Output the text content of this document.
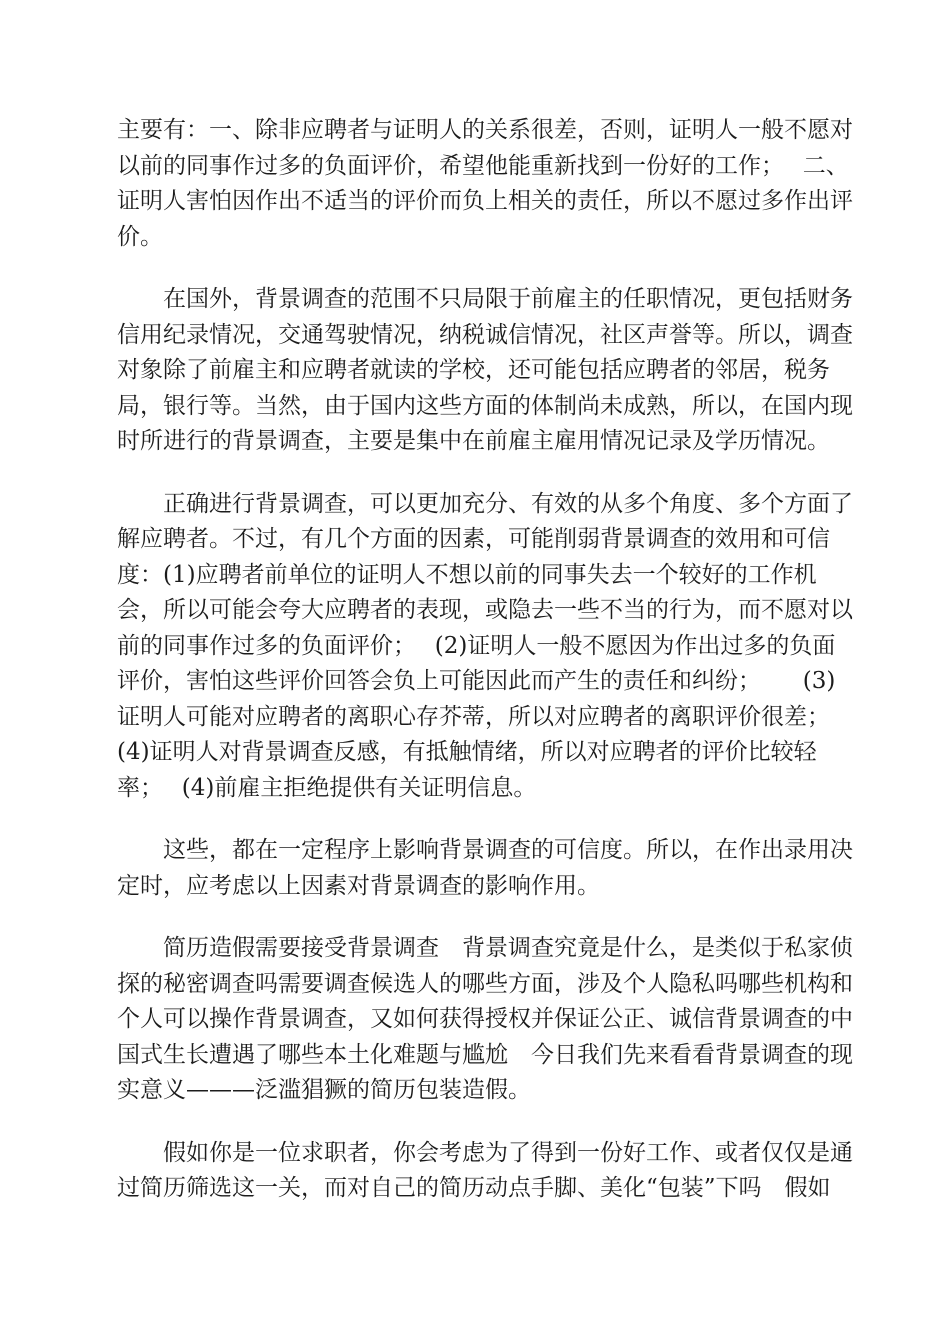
主要有：一、除非应聘者与证明人的关系很差，否则，证明人一般不愿对
以前的同事作过多的负面评价，希望他能重新找到一份好的工作；　 二、
证明人害怕因作出不适当的评价而负上相关的责任，所以不愿过多作出评
价。
　　在国外，背景调查的范围不只局限于前雇主的任职情况，更包括财务
信用纪录情况，交通驾驶情况，纳税诚信情况，社区声誉等。所以，调查
对象除了前雇主和应聘者就读的学校，还可能包括应聘者的邻居，税务
局，银行等。当然，由于国内这些方面的体制尚未成熟，所以，在国内现
时所进行的背景调查，主要是集中在前雇主雇用情况记录及学历情况。
　　正确进行背景调查，可以更加充分、有效的从多个角度、多个方面了
解应聘者。不过，有几个方面的因素，可能削弱背景调查的效用和可信
度：(1)应聘者前单位的证明人不想以前的同事失去一个较好的工作机
会，所以可能会夸大应聘者的表现，或隐去一些不当的行为，而不愿对以
前的同事作过多的负面评价；　 (2)证明人一般不愿因为作出过多的负面
评价，害怕这些评价回答会负上可能因此而产生的责任和纠纷；　　 (3)
证明人可能对应聘者的离职心存芥蒂，所以对应聘者的离职评价很差；
(4)证明人对背景调查反感，有抵触情绪，所以对应聘者的评价比较轻
率；　 (4)前雇主拒绝提供有关证明信息。
　　这些，都在一定程序上影响背景调查的可信度。所以，在作出录用决
定时，应考虑以上因素对背景调查的影响作用。
　　简历造假需要接受背景调查　背景调查究竟是什么，是类似于私家侦
探的秘密调查吗需要调查候选人的哪些方面，涉及个人隐私吗哪些机构和
个人可以操作背景调查，又如何获得授权并保证公正、诚信背景调查的中
国式生长遭遇了哪些本土化难题与尴尬　今日我们先来看看背景调查的现
实意义———泛滥猖獗的简历包装造假。
　　假如你是一位求职者，你会考虑为了得到一份好工作、或者仅仅是通
过简历筛选这一关，而对自己的简历动点手脚、美化“包装”下吗　假如
